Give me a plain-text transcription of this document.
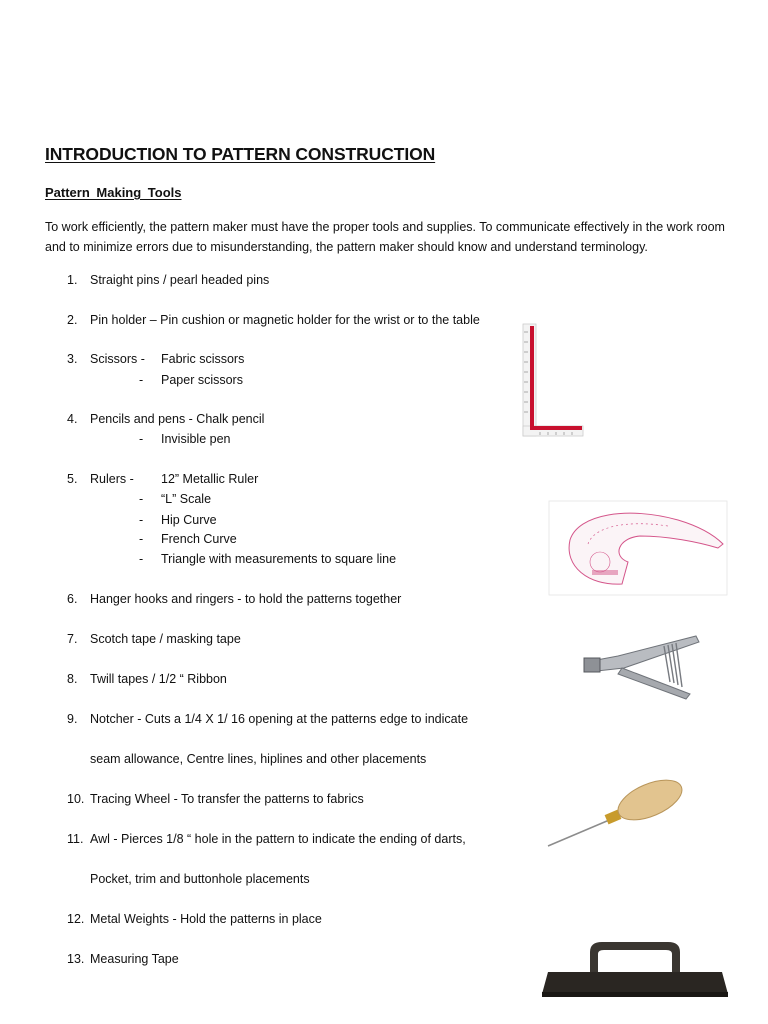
INTRODUCTION TO PATTERN CONSTRUCTION
Pattern Making Tools
To work efficiently, the pattern maker must have the proper tools and supplies. To communicate effectively in the work room and to minimize errors due to misunderstanding, the pattern maker should know and understand terminology.
1. Straight pins / pearl headed pins
2. Pin holder – Pin cushion or magnetic holder for the wrist or to the table
3. Scissors - Fabric scissors
- Paper scissors
4. Pencils and pens - Chalk pencil
- Invisible pen
5. Rulers - 12” Metallic Ruler
- “L” Scale
- Hip Curve
- French Curve
- Triangle with measurements to square line
6. Hanger hooks and ringers - to hold the patterns together
7. Scotch tape / masking tape
8. Twill tapes / 1/2 “ Ribbon
9. Notcher - Cuts a 1/4 X 1/ 16 opening at the patterns edge to indicate
seam allowance, Centre lines, hiplines and other placements
10. Tracing Wheel - To transfer the patterns to fabrics
11. Awl - Pierces 1/8 “ hole in the pattern to indicate the ending of darts,
Pocket, trim and buttonhole placements
12. Metal Weights - Hold the patterns in place
13. Measuring Tape
